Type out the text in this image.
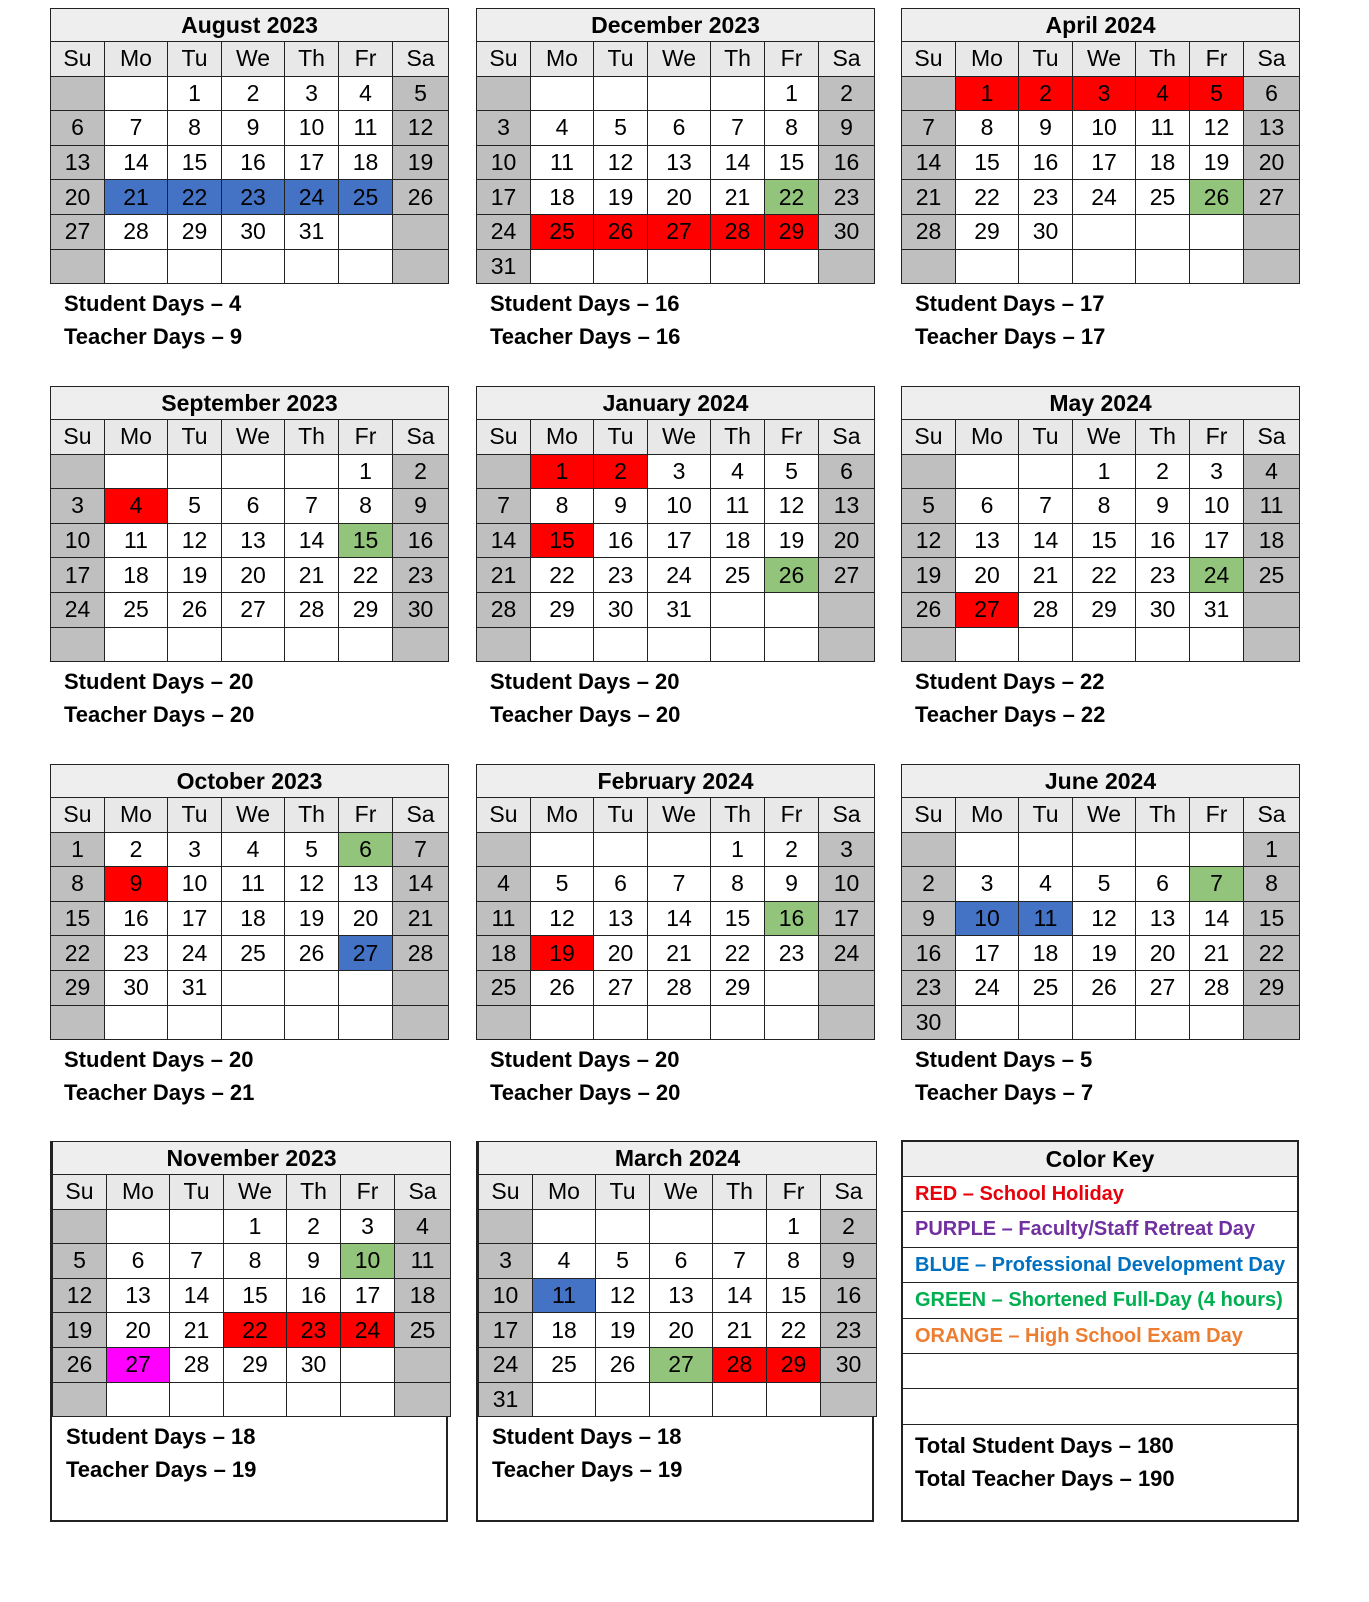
August 2023						
Su	Mo	Tu	We	Th	Fr	Sa
		1	2	3	4	5
6	7	8	9	10	11	12
13	14	15	16	17	18	19
20	21	22	23	24	25	26
27	28	29	30	31		

Student Days – 4
Teacher Days – 9
December 2023						
Su	Mo	Tu	We	Th	Fr	Sa
					1	2
3	4	5	6	7	8	9
10	11	12	13	14	15	16
17	18	19	20	21	22	23
24	25	26	27	28	29	30
31						
Student Days – 16
Teacher Days – 16
April 2024						
Su	Mo	Tu	We	Th	Fr	Sa
	1	2	3	4	5	6
7	8	9	10	11	12	13
14	15	16	17	18	19	20
21	22	23	24	25	26	27
28	29	30				

Student Days – 17
Teacher Days – 17
September 2023						
Su	Mo	Tu	We	Th	Fr	Sa
					1	2
3	4	5	6	7	8	9
10	11	12	13	14	15	16
17	18	19	20	21	22	23
24	25	26	27	28	29	30

Student Days – 20
Teacher Days – 20
January 2024						
Su	Mo	Tu	We	Th	Fr	Sa
	1	2	3	4	5	6
7	8	9	10	11	12	13
14	15	16	17	18	19	20
21	22	23	24	25	26	27
28	29	30	31			

Student Days – 20
Teacher Days – 20
May 2024						
Su	Mo	Tu	We	Th	Fr	Sa
			1	2	3	4
5	6	7	8	9	10	11
12	13	14	15	16	17	18
19	20	21	22	23	24	25
26	27	28	29	30	31	

Student Days – 22
Teacher Days – 22
October 2023						
Su	Mo	Tu	We	Th	Fr	Sa
1	2	3	4	5	6	7
8	9	10	11	12	13	14
15	16	17	18	19	20	21
22	23	24	25	26	27	28
29	30	31				

Student Days – 20
Teacher Days – 21
February 2024						
Su	Mo	Tu	We	Th	Fr	Sa
				1	2	3
4	5	6	7	8	9	10
11	12	13	14	15	16	17
18	19	20	21	22	23	24
25	26	27	28	29		

Student Days – 20
Teacher Days – 20
June 2024						
Su	Mo	Tu	We	Th	Fr	Sa
						1
2	3	4	5	6	7	8
9	10	11	12	13	14	15
16	17	18	19	20	21	22
23	24	25	26	27	28	29
30						
Student Days – 5
Teacher Days – 7
November 2023						
Su	Mo	Tu	We	Th	Fr	Sa
			1	2	3	4
5	6	7	8	9	10	11
12	13	14	15	16	17	18
19	20	21	22	23	24	25
26	27	28	29	30		

Student Days – 18
Teacher Days – 19
March 2024						
Su	Mo	Tu	We	Th	Fr	Sa
					1	2
3	4	5	6	7	8	9
10	11	12	13	14	15	16
17	18	19	20	21	22	23
24	25	26	27	28	29	30
31						
Student Days – 18
Teacher Days – 19
Color Key
RED – School Holiday
PURPLE – Faculty/Staff Retreat Day
BLUE – Professional Development Day
GREEN – Shortened Full-Day (4 hours)
ORANGE – High School Exam Day
Total Student Days – 180
Total Teacher Days – 190
